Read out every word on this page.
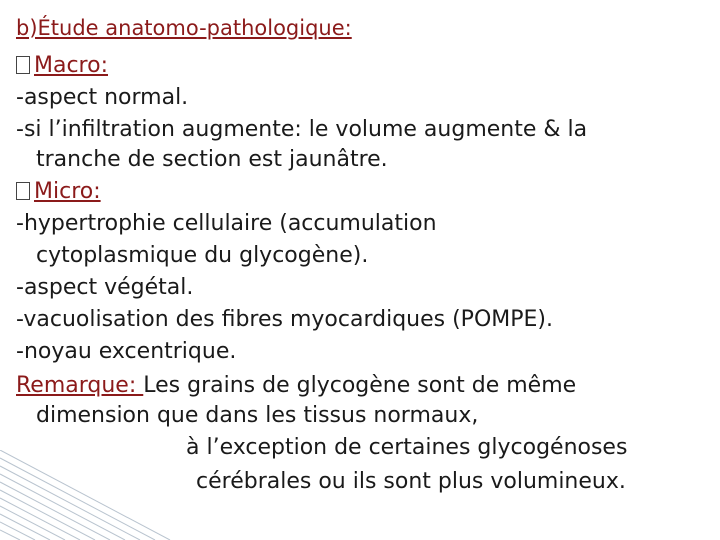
b)Étude anatomo-pathologique:
Macro:
-aspect normal.
-si l’infiltration augmente: le volume augmente & la
tranche de section est jaunâtre.
Micro:
-hypertrophie cellulaire (accumulation
cytoplasmique du glycogène).
-aspect végétal.
-vacuolisation des fibres myocardiques (POMPE).
-noyau excentrique.
Remarque: Les grains de glycogène sont de même
dimension que dans les tissus normaux,
à l’exception de certaines glycogénoses
cérébrales ou ils sont plus volumineux.
